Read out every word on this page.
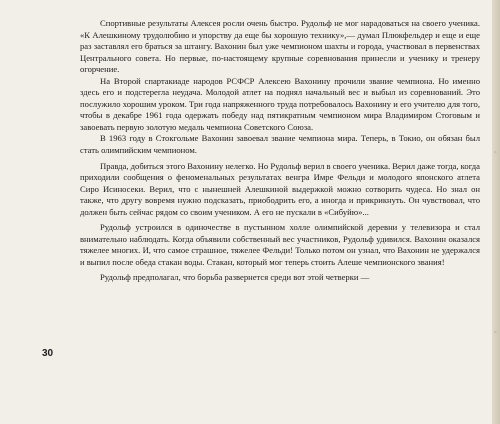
Спортивные результаты Алексея росли очень быстро. Рудольф не мог нарадоваться на своего ученика. «К Алешкиному трудолюбию и упорству да еще бы хорошую технику»,— думал Плюкфельдер и еще и еще раз заставлял его браться за штангу. Вахонин был уже чемпионом шахты и города, участвовал в первенствах Центрального совета. Но первые, по-настоящему крупные соревнования принесли и ученику и тренеру огорчение.

На Второй спартакиаде народов РСФСР Алексею Вахонину прочили звание чемпиона. Но именно здесь его и подстерегла неудача. Молодой атлет на поднял начальный вес и выбыл из соревнований. Это послужило хорошим уроком. Три года напряженного труда потребовалось Вахонину и его учителю для того, чтобы в декабре 1961 года одержать победу над пятикратным чемпионом мира Владимиром Стоговым и завоевать первую золотую медаль чемпиона Советского Союза.

В 1963 году в Стокгольме Вахонин завоевал звание чемпиона мира. Теперь, в Токио, он обязан был стать олимпийским чемпионом.

Правда, добиться этого Вахонину нелегко. Но Рудольф верил в своего ученика. Верил даже тогда, когда приходили сообщения о феноменальных результатах венгра Имре Фельди и молодого японского атлета Сиро Исиносеки. Верил, что с нынешней Алешкиной выдержкой можно сотворить чудеса. Но знал он также, что другу вовремя нужно подсказать, приободрить его, а иногда и прикрикнуть. Он чувствовал, что должен быть сейчас рядом со своим учеником. А его не пускали в «Сибуйю»...

Рудольф устроился в одиночестве в пустынном холле олимпийской деревни у телевизора и стал внимательно наблюдать. Когда объявили собственный вес участников, Рудольф удивился. Вахонин оказался тяжелее многих. И, что самое страшное, тяжелее Фельди! Только потом он узнал, что Вахонин не удержался и выпил после обеда стакан воды. Стакан, который мог теперь стоить Алеше чемпионского звания!

Рудольф предполагал, что борьба развернется среди вот этой четверки —

30
▫
▫
